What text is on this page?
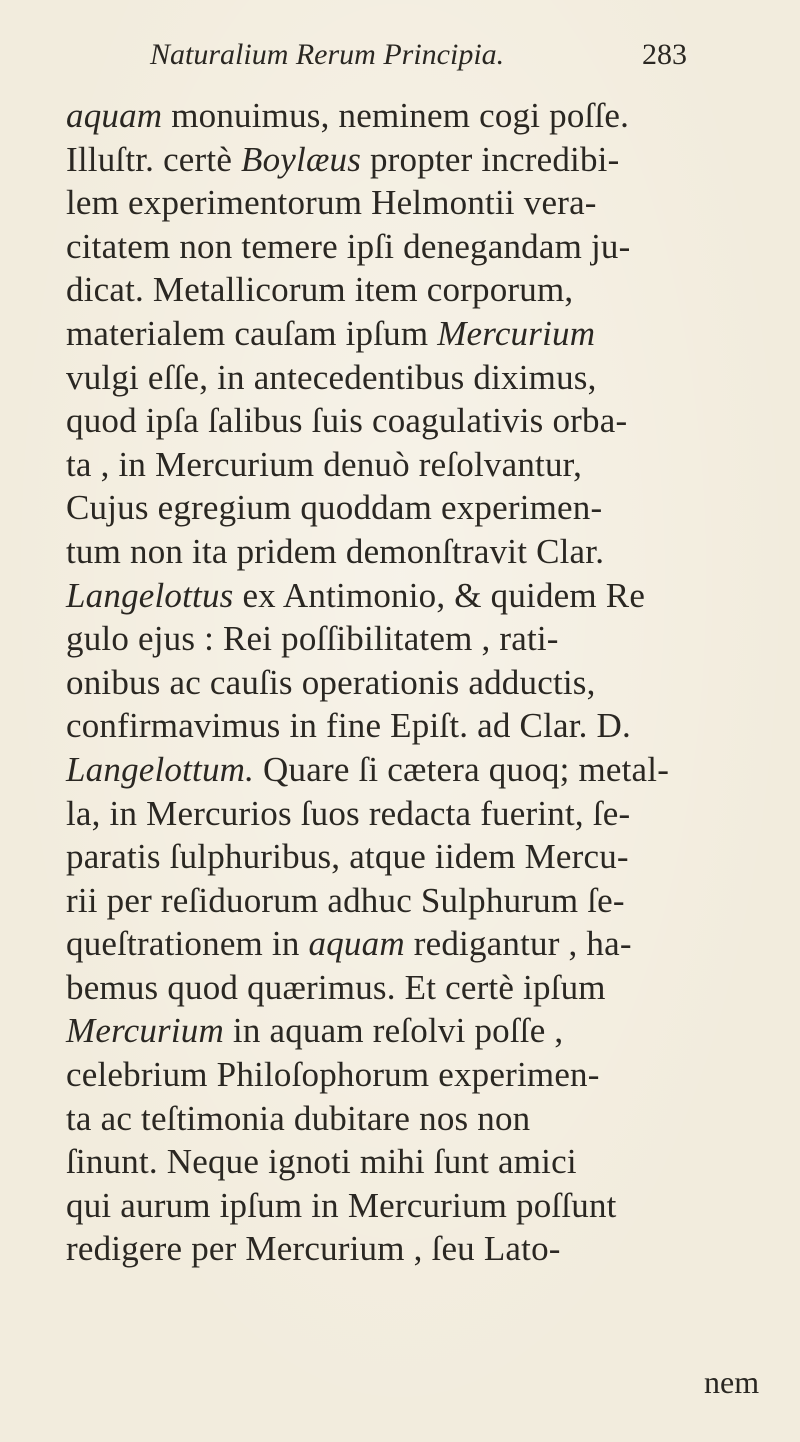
Naturalium Rerum Principia.	283
aquam monuimus, neminem cogi poſſe.
Illuſtr. certè Boylæus propter incredibi-
lem experimentorum Helmontii vera-
citatem non temere ipſi denegandam ju-
dicat. Metallicorum item corporum,
materialem cauſam ipſum Mercurium
vulgi eſſe, in antecedentibus diximus,
quod ipſa ſalibus ſuis coagulativis orba-
ta , in Mercurium denuò reſolvantur,
Cujus egregium quoddam experimen-
tum non ita pridem demonſtravit Clar.
Langelottus ex Antimonio, & quidem Re
gulo ejus : Rei poſſibilitatem , rati-
onibus ac cauſis operationis adductis,
confirmavimus in fine Epiſt. ad Clar. D.
Langelottum. Quare ſi cætera quoq; metal-
la, in Mercurios ſuos redacta fuerint, ſe-
paratis ſulphuribus, atque iidem Mercu-
rii per reſiduorum adhuc Sulphurum ſe-
queſtrationem in aquam redigantur , ha-
bemus quod quærimus. Et certè ipſum
Mercurium in aquam reſolvi poſſe ,
celebrium Philoſophorum experimen-
ta ac teſtimonia dubitare nos non
ſinunt. Neque ignoti mihi ſunt amici
qui aurum ipſum in Mercurium poſſunt
redigere per Mercurium , ſeu Lato-
nem
